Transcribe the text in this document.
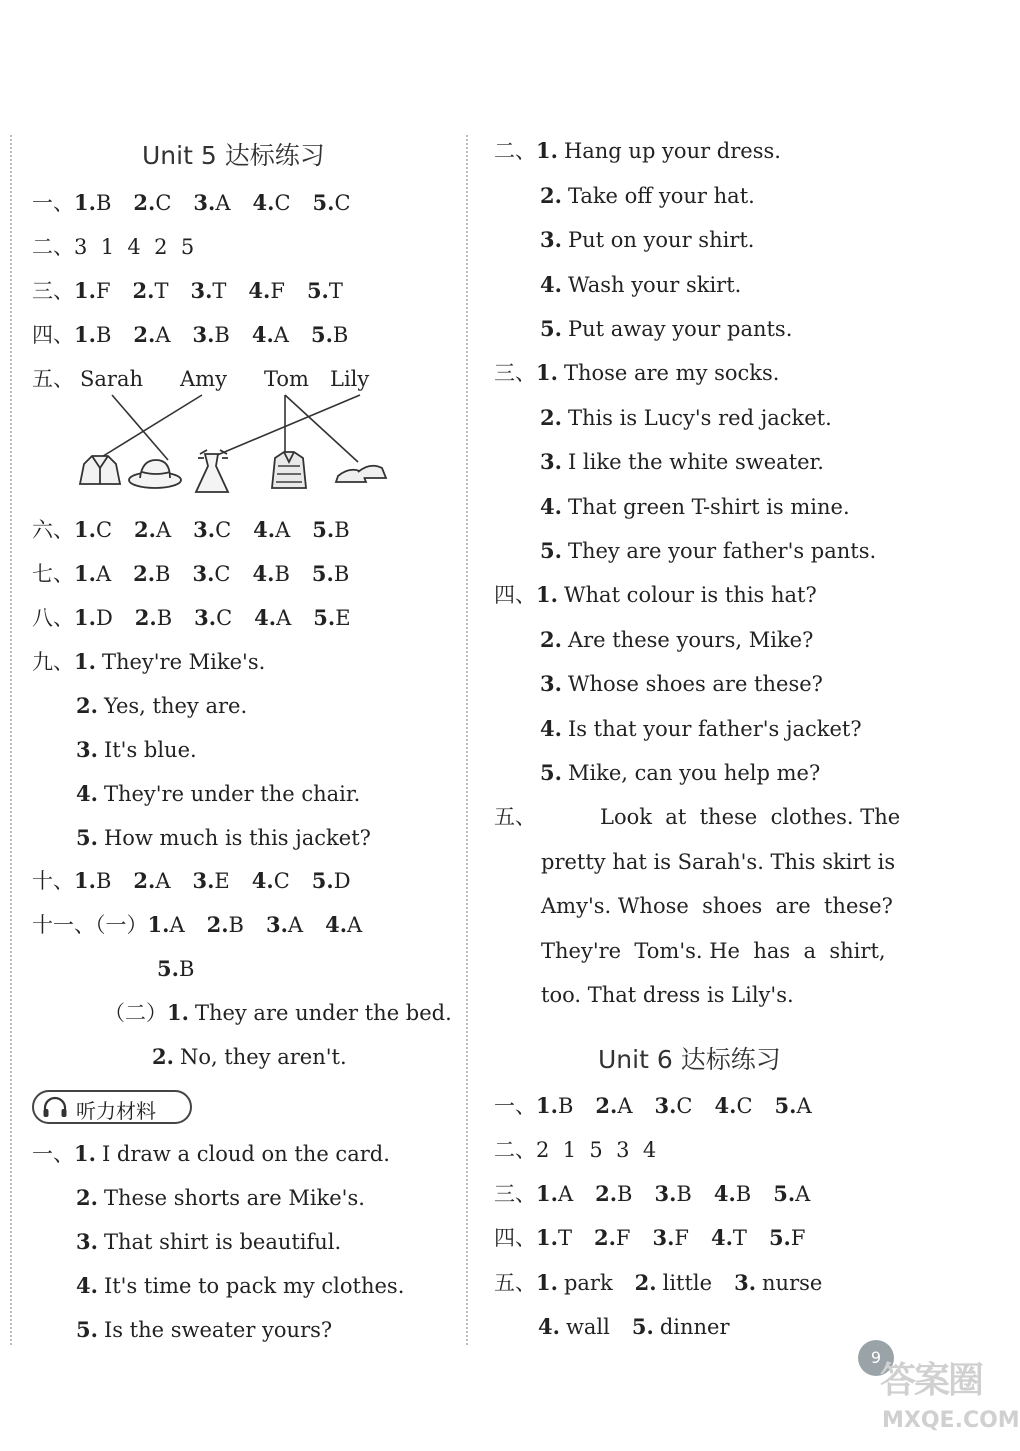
Unit 5 达标练习
一、1.B 2.C 3.A 4.C 5.C
二、3  1  4  2  5
三、1.F 2.T 3.T 4.F 5.T
四、1.B 2.A 3.B 4.A 5.B
五、 Sarah Amy Tom Lily
六、1.C 2.A 3.C 4.A 5.B
七、1.A 2.B 3.C 4.B 5.B
八、1.D 2.B 3.C 4.A 5.E
九、1. They're Mike's.
2. Yes, they are.
3. It's blue.
4. They're under the chair.
5. How much is this jacket?
十、1.B 2.A 3.E 4.C 5.D
十一、（一）1.A 2.B 3.A 4.A
5.B
（二）1. They are under the bed.
2. No, they aren't.
一、1. I draw a cloud on the card.
2. These shorts are Mike's.
3. That shirt is beautiful.
4. It's time to pack my clothes.
5. Is the sweater yours?
二、1. Hang up your dress.
2. Take off your hat.
3. Put on your shirt.
4. Wash your skirt.
5. Put away your pants.
三、1. Those are my socks.
2. This is Lucy's red jacket.
3. I like the white sweater.
4. That green T-shirt is mine.
5. They are your father's pants.
四、1. What colour is this hat?
2. Are these yours, Mike?
3. Whose shoes are these?
4. Is that your father's jacket?
5. Mike, can you help me?
五、	Look  at  these  clothes. The
pretty hat is Sarah's. This skirt is
Amy's. Whose  shoes  are  these?
They're  Tom's. He  has  a  shirt,
too. That dress is Lily's.
Unit 6 达标练习
一、1.B 2.A 3.C 4.C 5.A
二、2  1  5  3  4
三、1.A 2.B 3.B 4.B 5.A
四、1.T 2.F 3.F 4.T 5.F
五、1. park 2. little 3. nurse
4. wall 5. dinner
听力材料
9
答案圈
MXQE.COM
